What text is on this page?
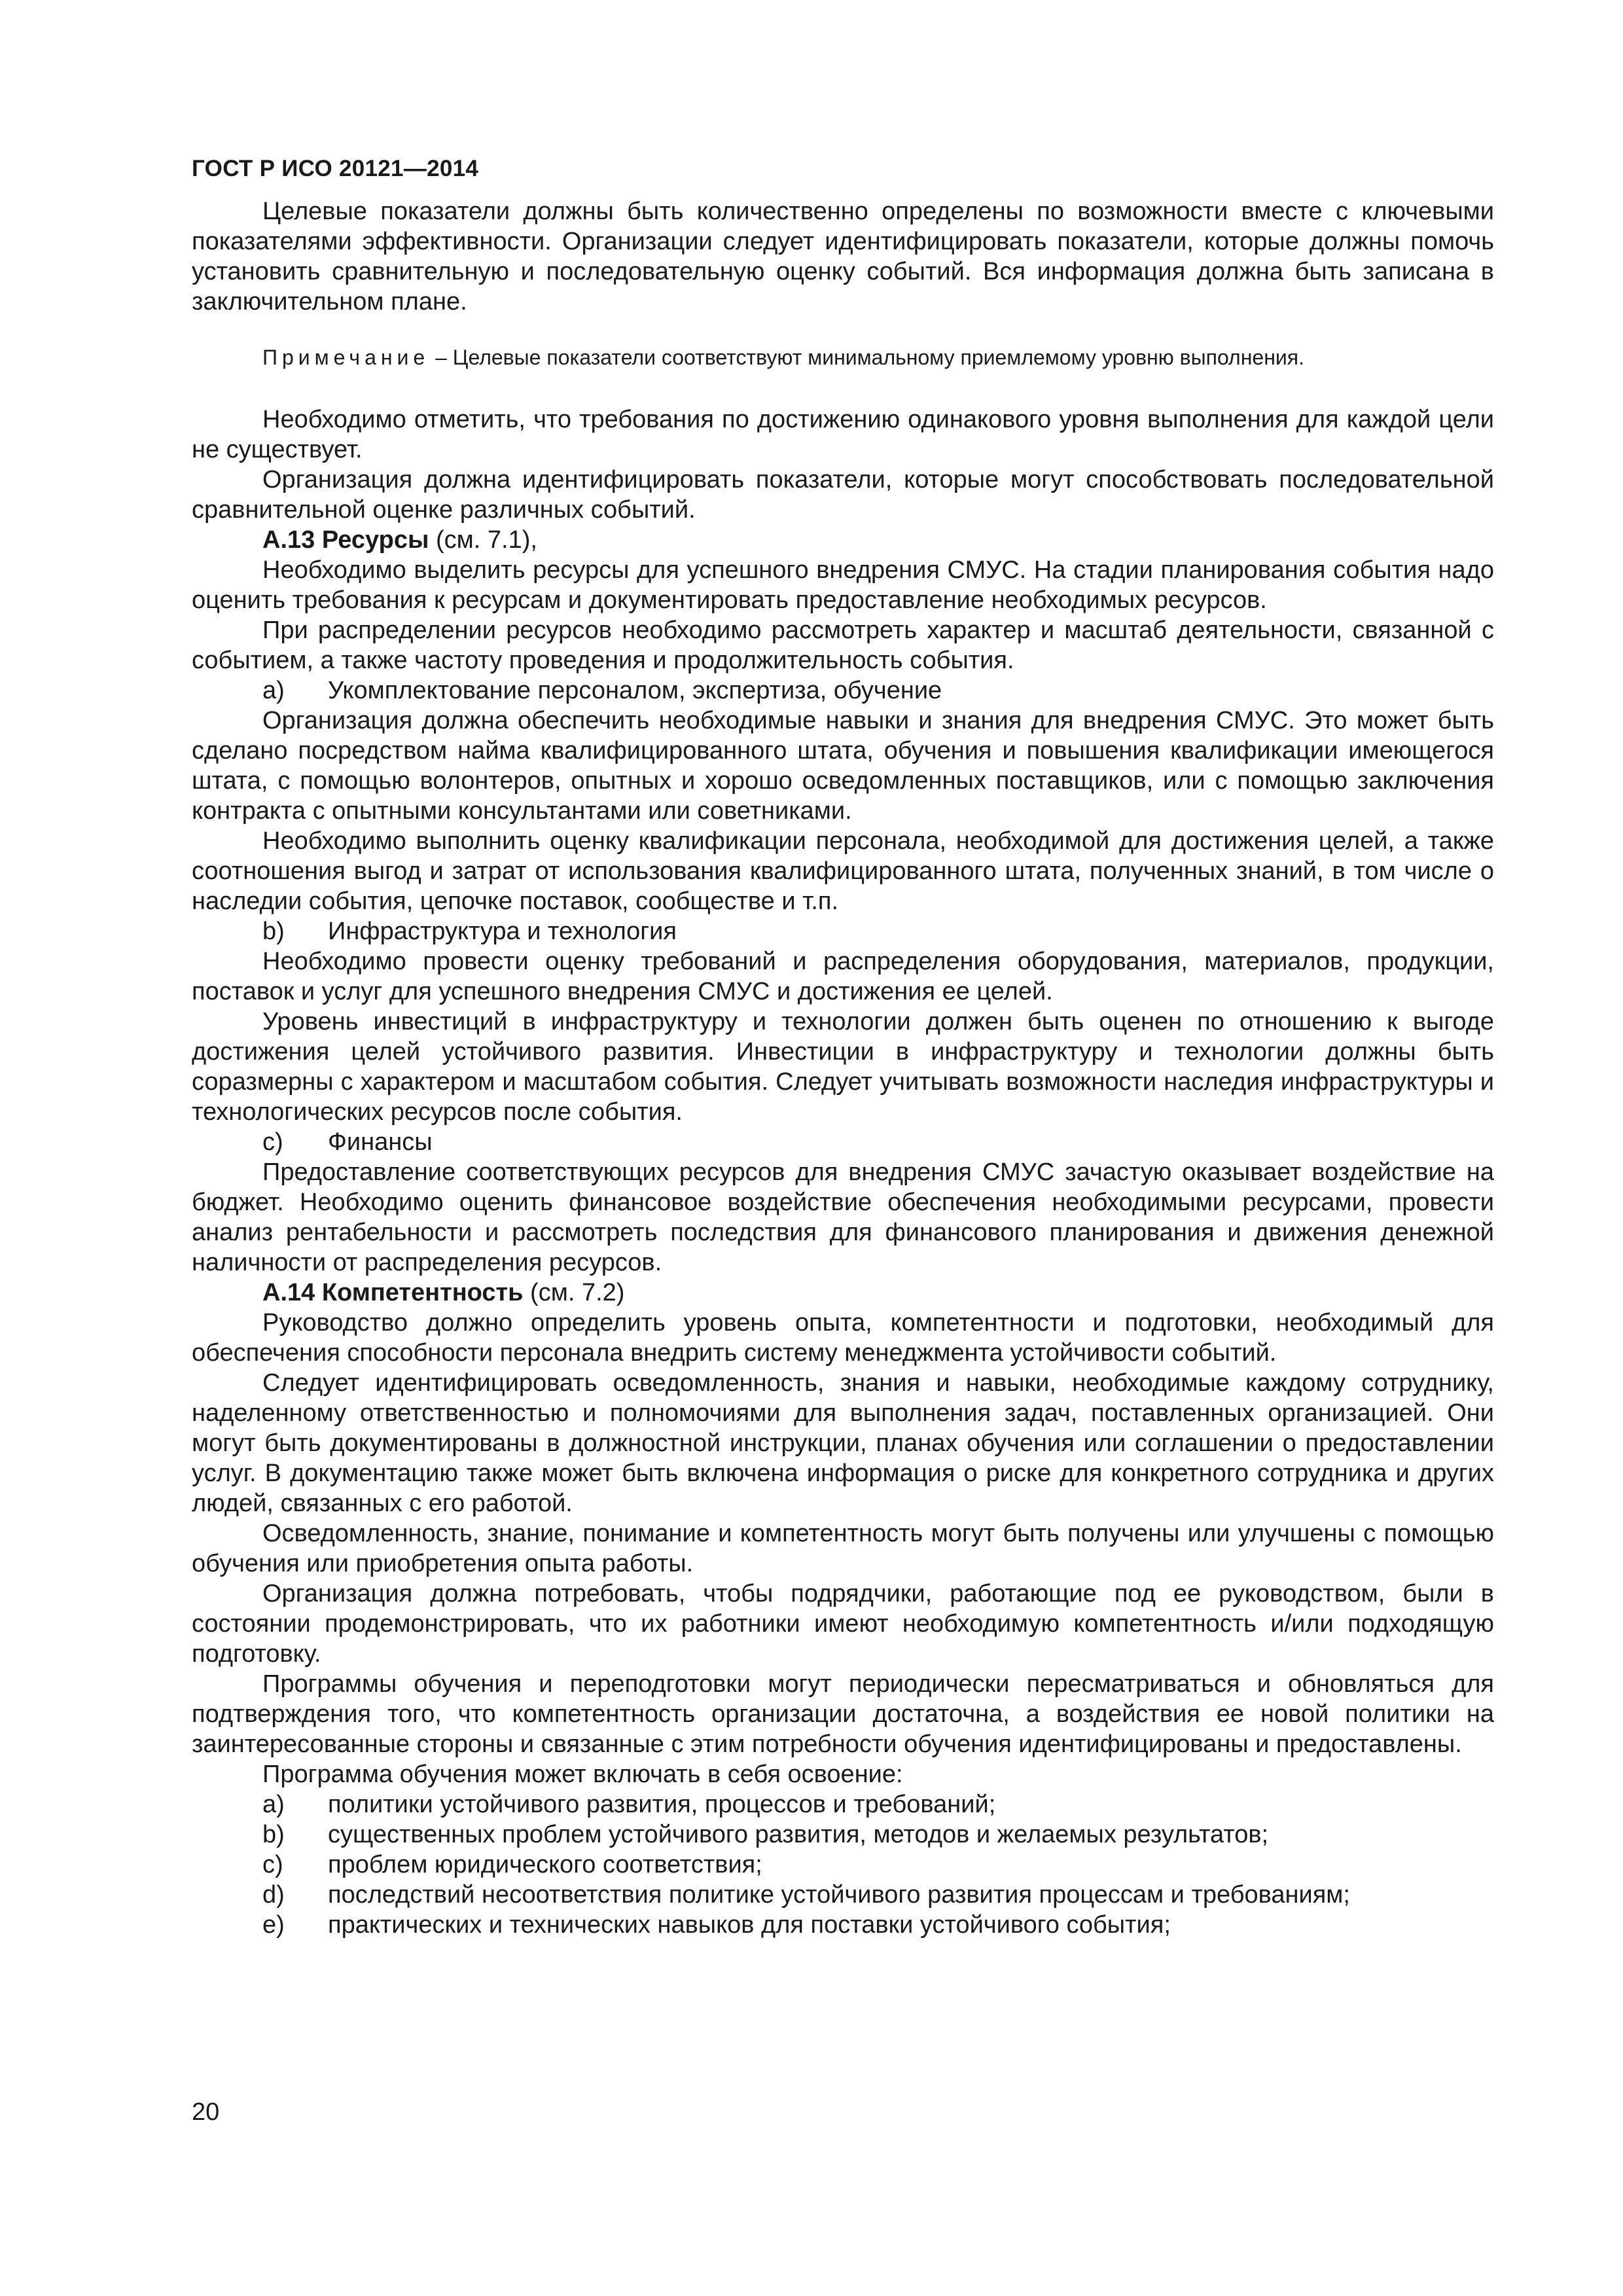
ГОСТ Р ИСО 20121—2014

Целевые показатели должны быть количественно определены по возможности вместе с ключевыми показателями эффективности. Организации следует идентифицировать показатели, которые должны помочь установить сравнительную и последовательную оценку событий. Вся информация должна быть записана в заключительном плане.

Примечание – Целевые показатели соответствуют минимальному приемлемому уровню выполнения.

Необходимо отметить, что требования по достижению одинакового уровня выполнения для каждой цели не существует.

Организация должна идентифицировать показатели, которые могут способствовать последовательной сравнительной оценке различных событий.

А.13 Ресурсы (см. 7.1),

Необходимо выделить ресурсы для успешного внедрения СМУС. На стадии планирования события надо оценить требования к ресурсам и документировать предоставление необходимых ресурсов.

При распределении ресурсов необходимо рассмотреть характер и масштаб деятельности, связанной с событием, а также частоту проведения и продолжительность события.

а)	Укомплектование персоналом, экспертиза, обучение

Организация должна обеспечить необходимые навыки и знания для внедрения СМУС. Это может быть сделано посредством найма квалифицированного штата, обучения и повышения квалификации имеющегося штата, с помощью волонтеров, опытных и хорошо осведомленных поставщиков, или с помощью заключения контракта с опытными консультантами или советниками.

Необходимо выполнить оценку квалификации персонала, необходимой для достижения целей, а также соотношения выгод и затрат от использования квалифицированного штата, полученных знаний, в том числе о наследии события, цепочке поставок, сообществе и т.п.

b)	Инфраструктура и технология

Необходимо провести оценку требований и распределения оборудования, материалов, продукции, поставок и услуг для успешного внедрения СМУС и достижения ее целей.

Уровень инвестиций в инфраструктуру и технологии должен быть оценен по отношению к выгоде достижения целей устойчивого развития. Инвестиции в инфраструктуру и технологии должны быть соразмерны с характером и масштабом события. Следует учитывать возможности наследия инфраструктуры и технологических ресурсов после события.

c)	Финансы

Предоставление соответствующих ресурсов для внедрения СМУС зачастую оказывает воздействие на бюджет. Необходимо оценить финансовое воздействие обеспечения необходимыми ресурсами, провести анализ рентабельности и рассмотреть последствия для финансового планирования и движения денежной наличности от распределения ресурсов.

А.14 Компетентность (см. 7.2)

Руководство должно определить уровень опыта, компетентности и подготовки, необходимый для обеспечения способности персонала внедрить систему менеджмента устойчивости событий.

Следует идентифицировать осведомленность, знания и навыки, необходимые каждому сотруднику, наделенному ответственностью и полномочиями для выполнения задач, поставленных организацией. Они могут быть документированы в должностной инструкции, планах обучения или соглашении о предоставлении услуг. В документацию также может быть включена информация о риске для конкретного сотрудника и других людей, связанных с его работой.

Осведомленность, знание, понимание и компетентность могут быть получены или улучшены с помощью обучения или приобретения опыта работы.

Организация должна потребовать, чтобы подрядчики, работающие под ее руководством, были в состоянии продемонстрировать, что их работники имеют необходимую компетентность и/или подходящую подготовку.

Программы обучения и переподготовки могут периодически пересматриваться и обновляться для подтверждения того, что компетентность организации достаточна, а воздействия ее новой политики на заинтересованные стороны и связанные с этим потребности обучения идентифицированы и предоставлены.

Программа обучения может включать в себя освоение:

а)	политики устойчивого развития, процессов и требований;
b)	существенных проблем устойчивого развития, методов и желаемых результатов;
c)	проблем юридического соответствия;
d)	последствий несоответствия политике устойчивого развития процессам и требованиям;
е)	практических и технических навыков для поставки устойчивого события;
20
